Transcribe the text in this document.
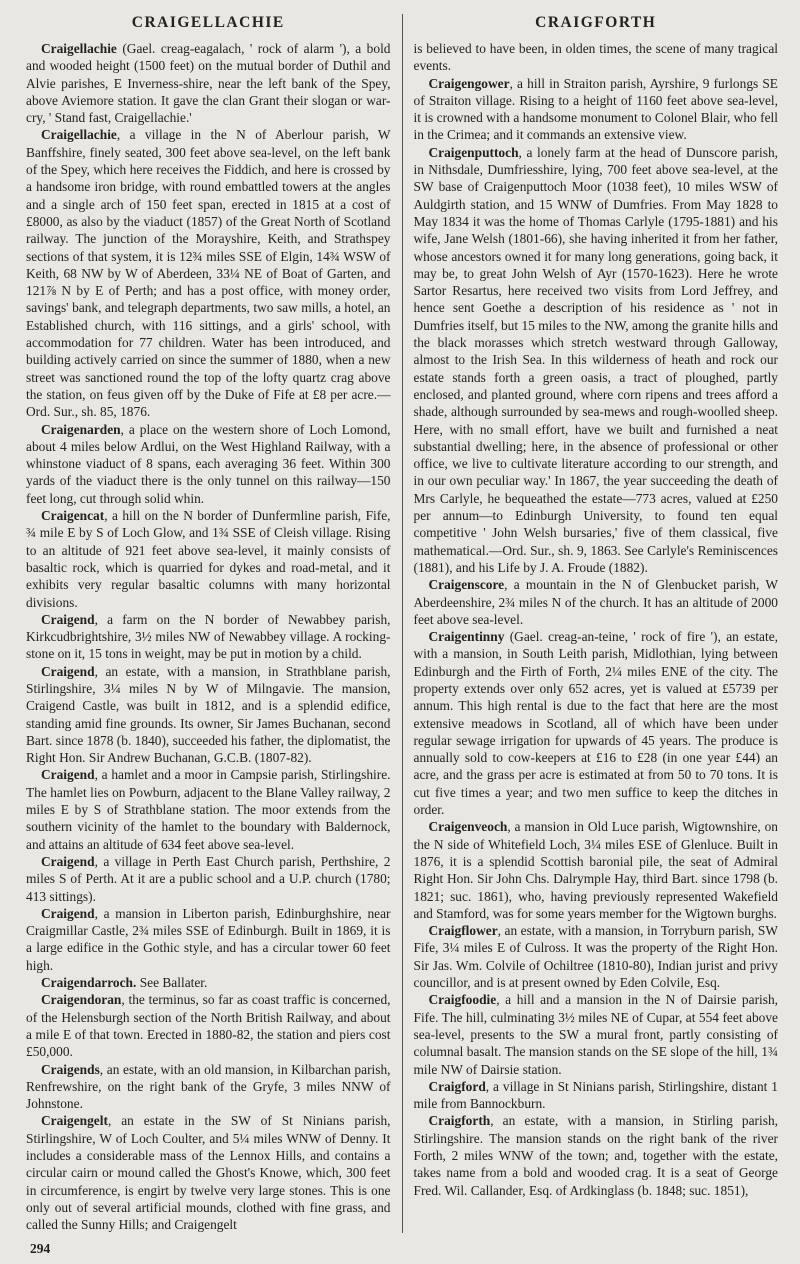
CRAIGELLACHIE

Craigellachie (Gael. creag-eagalach, ' rock of alarm '), a bold and wooded height (1500 feet) on the mutual border of Duthil and Alvie parishes, E Inverness-shire, near the left bank of the Spey, above Aviemore station. It gave the clan Grant their slogan or war-cry, ' Stand fast, Craigellachie.'

Craigellachie, a village in the N of Aberlour parish, W Banffshire, finely seated, 300 feet above sea-level, on the left bank of the Spey, which here receives the Fiddich, and here is crossed by a handsome iron bridge, with round embattled towers at the angles and a single arch of 150 feet span, erected in 1815 at a cost of £8000, as also by the viaduct (1857) of the Great North of Scotland railway. The junction of the Morayshire, Keith, and Strathspey sections of that system, it is 12¾ miles SSE of Elgin, 14¾ WSW of Keith, 68 NW by W of Aberdeen, 33¼ NE of Boat of Garten, and 121⅞ N by E of Perth; and has a post office, with money order, savings' bank, and telegraph departments, two saw mills, a hotel, an Established church, with 116 sittings, and a girls' school, with accommodation for 77 children. Water has been introduced, and building actively carried on since the summer of 1880, when a new street was sanctioned round the top of the lofty quartz crag above the station, on feus given off by the Duke of Fife at £8 per acre.—Ord. Sur., sh. 85, 1876.

Craigenarden, a place on the western shore of Loch Lomond, about 4 miles below Ardlui, on the West Highland Railway, with a whinstone viaduct of 8 spans, each averaging 36 feet. Within 300 yards of the viaduct there is the only tunnel on this railway—150 feet long, cut through solid whin.

Craigencat, a hill on the N border of Dunfermline parish, Fife, ¾ mile E by S of Loch Glow, and 1¾ SSE of Cleish village. Rising to an altitude of 921 feet above sea-level, it mainly consists of basaltic rock, which is quarried for dykes and road-metal, and it exhibits very regular basaltic columns with many horizontal divisions.

Craigend, a farm on the N border of Newabbey parish, Kirkcudbrightshire, 3½ miles NW of Newabbey village. A rocking-stone on it, 15 tons in weight, may be put in motion by a child.

Craigend, an estate, with a mansion, in Strathblane parish, Stirlingshire, 3¼ miles N by W of Milngavie. The mansion, Craigend Castle, was built in 1812, and is a splendid edifice, standing amid fine grounds. Its owner, Sir James Buchanan, second Bart. since 1878 (b. 1840), succeeded his father, the diplomatist, the Right Hon. Sir Andrew Buchanan, G.C.B. (1807-82).

Craigend, a hamlet and a moor in Campsie parish, Stirlingshire. The hamlet lies on Powburn, adjacent to the Blane Valley railway, 2 miles E by S of Strathblane station. The moor extends from the southern vicinity of the hamlet to the boundary with Baldernock, and attains an altitude of 634 feet above sea-level.

Craigend, a village in Perth East Church parish, Perthshire, 2 miles S of Perth. At it are a public school and a U.P. church (1780; 413 sittings).

Craigend, a mansion in Liberton parish, Edinburghshire, near Craigmillar Castle, 2¾ miles SSE of Edinburgh. Built in 1869, it is a large edifice in the Gothic style, and has a circular tower 60 feet high.

Craigendarroch. See Ballater.

Craigendoran, the terminus, so far as coast traffic is concerned, of the Helensburgh section of the North British Railway, and about a mile E of that town. Erected in 1880-82, the station and piers cost £50,000.

Craigends, an estate, with an old mansion, in Kilbarchan parish, Renfrewshire, on the right bank of the Gryfe, 3 miles NNW of Johnstone.

Craigengelt, an estate in the SW of St Ninians parish, Stirlingshire, W of Loch Coulter, and 5¼ miles WNW of Denny. It includes a considerable mass of the Lennox Hills, and contains a circular cairn or mound called the Ghost's Knowe, which, 300 feet in circumference, is engirt by twelve very large stones. This is one only out of several artificial mounds, clothed with fine grass, and called the Sunny Hills; and Craigengelt

CRAIGFORTH

is believed to have been, in olden times, the scene of many tragical events.

Craigengower, a hill in Straiton parish, Ayrshire, 9 furlongs SE of Straiton village. Rising to a height of 1160 feet above sea-level, it is crowned with a handsome monument to Colonel Blair, who fell in the Crimea; and it commands an extensive view.

Craigenputtoch, a lonely farm at the head of Dunscore parish, in Nithsdale, Dumfriesshire, lying, 700 feet above sea-level, at the SW base of Craigenputtoch Moor (1038 feet), 10 miles WSW of Auldgirth station, and 15 WNW of Dumfries. From May 1828 to May 1834 it was the home of Thomas Carlyle (1795-1881) and his wife, Jane Welsh (1801-66), she having inherited it from her father, whose ancestors owned it for many long generations, going back, it may be, to great John Welsh of Ayr (1570-1623). Here he wrote Sartor Resartus, here received two visits from Lord Jeffrey, and hence sent Goethe a description of his residence as ' not in Dumfries itself, but 15 miles to the NW, among the granite hills and the black morasses which stretch westward through Galloway, almost to the Irish Sea. In this wilderness of heath and rock our estate stands forth a green oasis, a tract of ploughed, partly enclosed, and planted ground, where corn ripens and trees afford a shade, although surrounded by sea-mews and rough-woolled sheep. Here, with no small effort, have we built and furnished a neat substantial dwelling; here, in the absence of professional or other office, we live to cultivate literature according to our strength, and in our own peculiar way.' In 1867, the year succeeding the death of Mrs Carlyle, he bequeathed the estate—773 acres, valued at £250 per annum—to Edinburgh University, to found ten equal competitive ' John Welsh bursaries,' five of them classical, five mathematical.—Ord. Sur., sh. 9, 1863. See Carlyle's Reminiscences (1881), and his Life by J. A. Froude (1882).

Craigenscore, a mountain in the N of Glenbucket parish, W Aberdeenshire, 2¾ miles N of the church. It has an altitude of 2000 feet above sea-level.

Craigentinny (Gael. creag-an-teine, ' rock of fire '), an estate, with a mansion, in South Leith parish, Midlothian, lying between Edinburgh and the Firth of Forth, 2¼ miles ENE of the city. The property extends over only 652 acres, yet is valued at £5739 per annum. This high rental is due to the fact that here are the most extensive meadows in Scotland, all of which have been under regular sewage irrigation for upwards of 45 years. The produce is annually sold to cow-keepers at £16 to £28 (in one year £44) an acre, and the grass per acre is estimated at from 50 to 70 tons. It is cut five times a year; and two men suffice to keep the ditches in order.

Craigenveoch, a mansion in Old Luce parish, Wigtownshire, on the N side of Whitefield Loch, 3¼ miles ESE of Glenluce. Built in 1876, it is a splendid Scottish baronial pile, the seat of Admiral Right Hon. Sir John Chs. Dalrymple Hay, third Bart. since 1798 (b. 1821; suc. 1861), who, having previously represented Wakefield and Stamford, was for some years member for the Wigtown burghs.

Craigflower, an estate, with a mansion, in Torryburn parish, SW Fife, 3¼ miles E of Culross. It was the property of the Right Hon. Sir Jas. Wm. Colvile of Ochiltree (1810-80), Indian jurist and privy councillor, and is at present owned by Eden Colvile, Esq.

Craigfoodie, a hill and a mansion in the N of Dairsie parish, Fife. The hill, culminating 3½ miles NE of Cupar, at 554 feet above sea-level, presents to the SW a mural front, partly consisting of columnal basalt. The mansion stands on the SE slope of the hill, 1¾ mile NW of Dairsie station.

Craigford, a village in St Ninians parish, Stirlingshire, distant 1 mile from Bannockburn.

Craigforth, an estate, with a mansion, in Stirling parish, Stirlingshire. The mansion stands on the right bank of the river Forth, 2 miles WNW of the town; and, together with the estate, takes name from a bold and wooded crag. It is a seat of George Fred. Wil. Callander, Esq. of Ardkinglass (b. 1848; suc. 1851),

294
